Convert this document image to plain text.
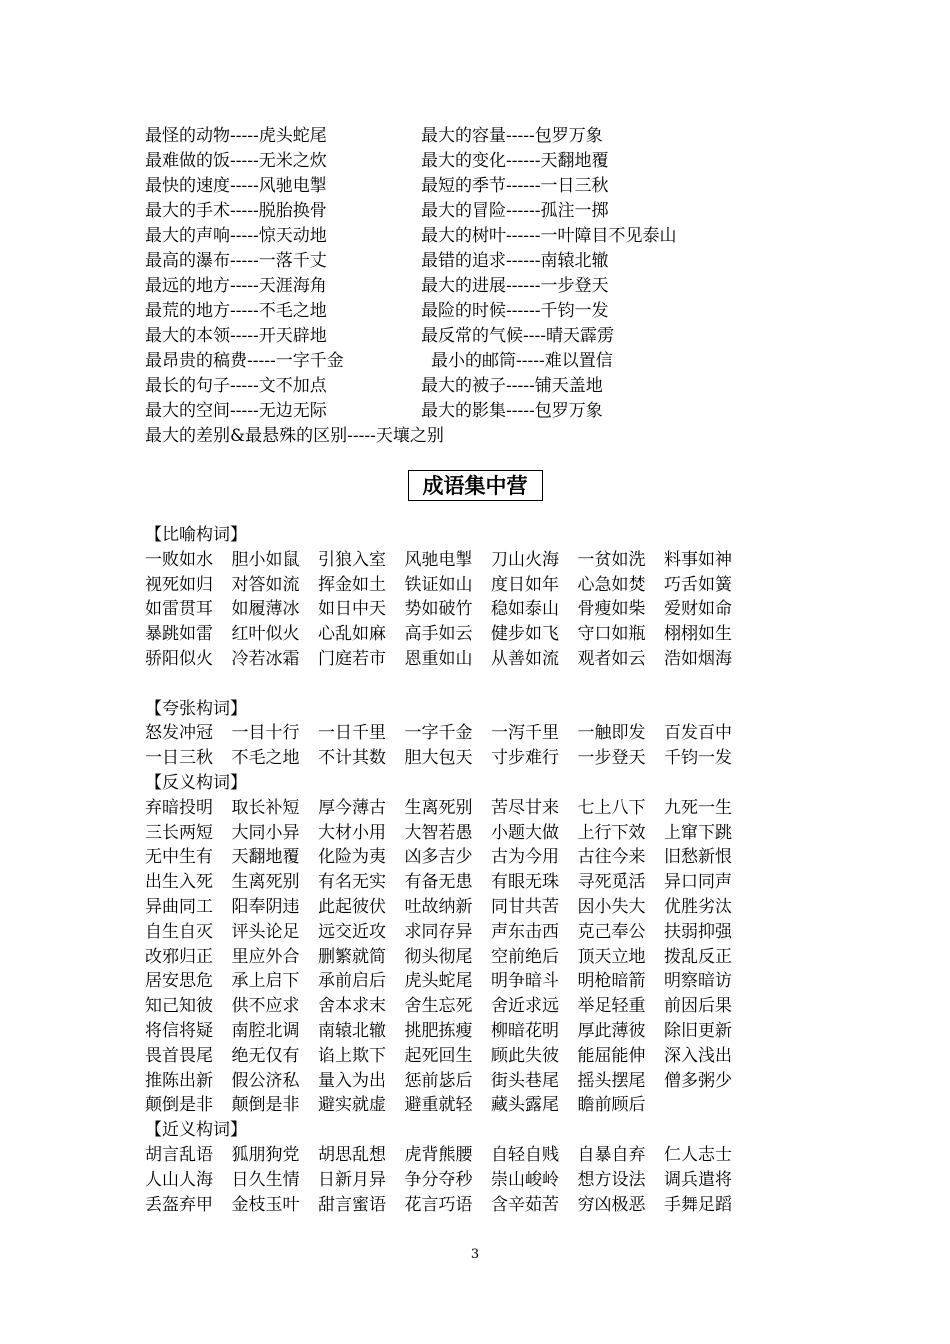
最怪的动物-----虎头蛇尾	最大的容量-----包罗万象
最难做的饭-----无米之炊	最大的变化------天翻地覆
最快的速度-----风驰电掣	最短的季节------一日三秋
最大的手术-----脱胎换骨	最大的冒险------孤注一掷
最大的声响-----惊天动地	最大的树叶------一叶障目不见泰山
最高的瀑布-----一落千丈	最错的追求------南辕北辙
最远的地方-----天涯海角	最大的进展------一步登天
最荒的地方-----不毛之地	最险的时候------千钧一发
最大的本领-----开天辟地	最反常的气候----晴天霹雳
最昂贵的稿费-----一字千金	最小的邮筒-----难以置信
最长的句子-----文不加点	最大的被子-----铺天盖地
最大的空间-----无边无际	最大的影集-----包罗万象
最大的差别&最悬殊的区别-----天壤之别
成语集中营
【比喻构词】
一败如水 胆小如鼠 引狼入室 风驰电掣 刀山火海 一贫如洗 料事如神
视死如归 对答如流 挥金如土 铁证如山 度日如年 心急如焚 巧舌如簧
如雷贯耳 如履薄冰 如日中天 势如破竹 稳如泰山 骨瘦如柴 爱财如命
暴跳如雷 红叶似火 心乱如麻 高手如云 健步如飞 守口如瓶 栩栩如生
骄阳似火 冷若冰霜 门庭若市 恩重如山 从善如流 观者如云 浩如烟海
【夸张构词】
怒发冲冠 一目十行 一日千里 一字千金 一泻千里 一触即发 百发百中
一日三秋 不毛之地 不计其数 胆大包天 寸步难行 一步登天 千钧一发
【反义构词】
弃暗投明 取长补短 厚今薄古 生离死别 苦尽甘来 七上八下 九死一生
三长两短 大同小异 大材小用 大智若愚 小题大做 上行下效 上窜下跳
无中生有 天翻地覆 化险为夷 凶多吉少 古为今用 古往今来 旧愁新恨
出生入死 生离死别 有名无实 有备无患 有眼无珠 寻死觅活 异口同声
异曲同工 阳奉阴违 此起彼伏 吐故纳新 同甘共苦 因小失大 优胜劣汰
自生自灭 评头论足 远交近攻 求同存异 声东击西 克己奉公 扶弱抑强
改邪归正 里应外合 删繁就简 彻头彻尾 空前绝后 顶天立地 拨乱反正
居安思危 承上启下 承前启后 虎头蛇尾 明争暗斗 明枪暗箭 明察暗访
知己知彼 供不应求 舍本求末 舍生忘死 舍近求远 举足轻重 前因后果
将信将疑 南腔北调 南辕北辙 挑肥拣瘦 柳暗花明 厚此薄彼 除旧更新
畏首畏尾 绝无仅有 谄上欺下 起死回生 顾此失彼 能屈能伸 深入浅出
推陈出新 假公济私 量入为出 惩前毖后 街头巷尾 摇头摆尾 僧多粥少
颠倒是非 颠倒是非 避实就虚 避重就轻 藏头露尾 瞻前顾后
【近义构词】
胡言乱语 狐朋狗党 胡思乱想 虎背熊腰 自轻自贱 自暴自弃 仁人志士
人山人海 日久生情 日新月异 争分夺秒 崇山峻岭 想方设法 调兵遣将
丢盔弃甲 金枝玉叶 甜言蜜语 花言巧语 含辛茹苦 穷凶极恶 手舞足蹈
3
